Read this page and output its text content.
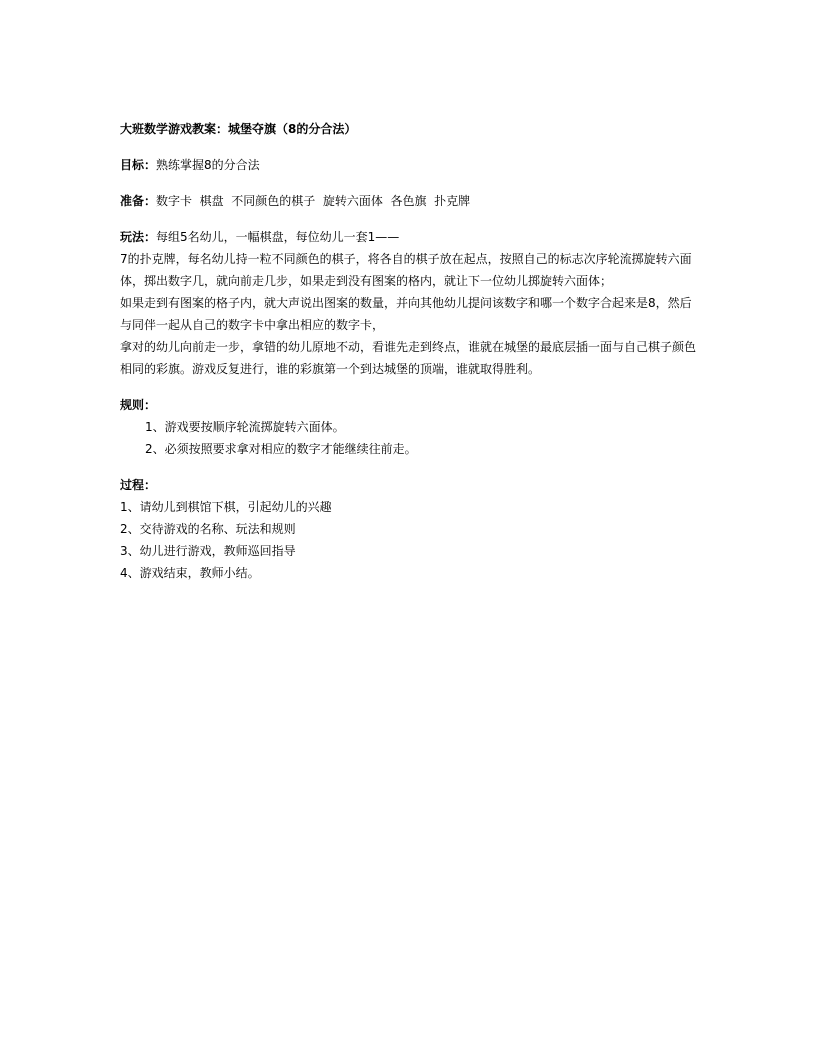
大班数学游戏教案：城堡夺旗（8的分合法）

目标：熟练掌握8的分合法
准备：数字卡  棋盘  不同颜色的棋子  旋转六面体  各色旗  扑克牌
玩法：每组5名幼儿，一幅棋盘，每位幼儿一套1——
7的扑克牌，每名幼儿持一粒不同颜色的棋子，将各自的棋子放在起点，按照自己的标志次序轮流掷旋转六面
体，掷出数字几，就向前走几步，如果走到没有图案的格内，就让下一位幼儿掷旋转六面体；
如果走到有图案的格子内，就大声说出图案的数量，并向其他幼儿提问该数字和哪一个数字合起来是8，然后
与同伴一起从自己的数字卡中拿出相应的数字卡，
拿对的幼儿向前走一步，拿错的幼儿原地不动，看谁先走到终点，谁就在城堡的最底层插一面与自己棋子颜色
相同的彩旗。游戏反复进行，谁的彩旗第一个到达城堡的顶端，谁就取得胜利。
规则：
1、游戏要按顺序轮流掷旋转六面体。
2、必须按照要求拿对相应的数字才能继续往前走。
过程：
1、请幼儿到棋馆下棋，引起幼儿的兴趣
2、交待游戏的名称、玩法和规则
3、幼儿进行游戏，教师巡回指导
4、游戏结束，教师小结。
